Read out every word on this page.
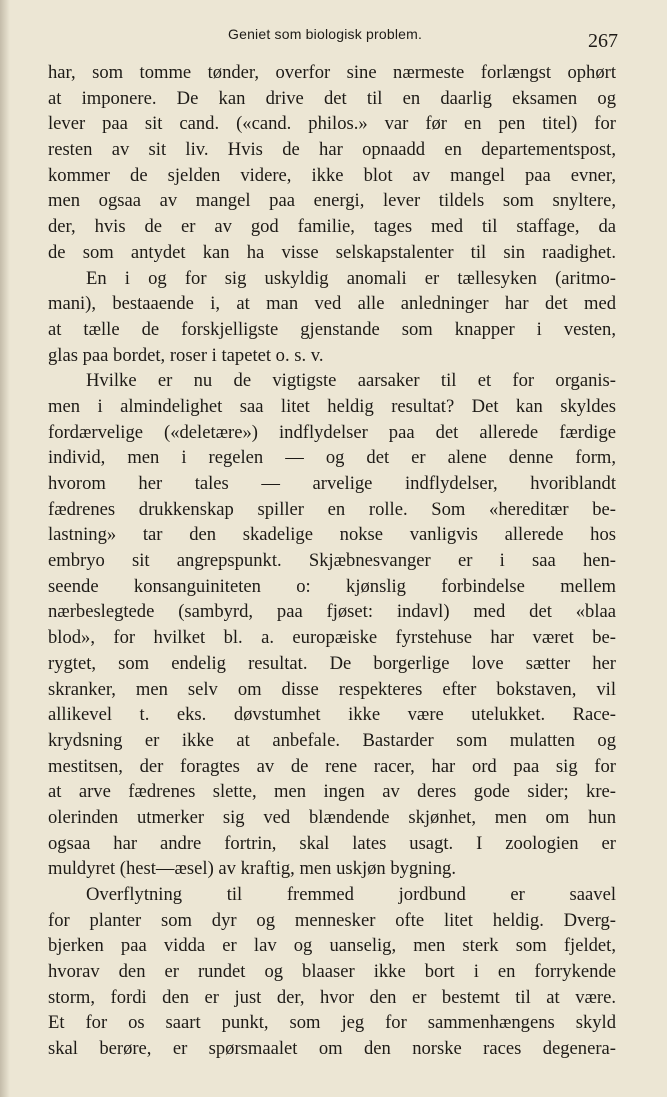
Geniet som biologisk problem.	267
har, som tomme tønder, overfor sine nærmeste forlængst ophørt
at imponere. De kan drive det til en daarlig eksamen og
lever paa sit cand. («cand. philos.» var før en pen titel) for
resten av sit liv. Hvis de har opnaadd en departementspost,
kommer de sjelden videre, ikke blot av mangel paa evner,
men ogsaa av mangel paa energi, lever tildels som snyltere,
der, hvis de er av god familie, tages med til staffage, da
de som antydet kan ha visse selskapstalenter til sin raadighet.
En i og for sig uskyldig anomali er tællesyken (aritmo-
mani), bestaaende i, at man ved alle anledninger har det med
at tælle de forskjelligste gjenstande som knapper i vesten,
glas paa bordet, roser i tapetet o. s. v.
Hvilke er nu de vigtigste aarsaker til et for organis-
men i almindelighet saa litet heldig resultat? Det kan skyldes
fordærvelige («deletære») indflydelser paa det allerede færdige
individ, men i regelen — og det er alene denne form,
hvorom her tales — arvelige indflydelser, hvoriblandt
fædrenes drukkenskap spiller en rolle. Som «hereditær be-
lastning» tar den skadelige nokse vanligvis allerede hos
embryo sit angrepspunkt. Skjæbnesvanger er i saa hen-
seende konsanguiniteten o: kjønslig forbindelse mellem
nærbeslegtede (sambyrd, paa fjøset: indavl) med det «blaa
blod», for hvilket bl. a. europæiske fyrstehuse har været be-
rygtet, som endelig resultat. De borgerlige love sætter her
skranker, men selv om disse respekteres efter bokstaven, vil
allikevel t. eks. døvstumhet ikke være utelukket. Race-
krydsning er ikke at anbefale. Bastarder som mulatten og
mestitsen, der foragtes av de rene racer, har ord paa sig for
at arve fædrenes slette, men ingen av deres gode sider; kre-
olerinden utmerker sig ved blændende skjønhet, men om hun
ogsaa har andre fortrin, skal lates usagt. I zoologien er
muldyret (hest—æsel) av kraftig, men uskjøn bygning.
Overflytning til fremmed jordbund er saavel
for planter som dyr og mennesker ofte litet heldig. Dverg-
bjerken paa vidda er lav og uanselig, men sterk som fjeldet,
hvorav den er rundet og blaaser ikke bort i en forrykende
storm, fordi den er just der, hvor den er bestemt til at være.
Et for os saart punkt, som jeg for sammenhængens skyld
skal berøre, er spørsmaalet om den norske races degenera-
